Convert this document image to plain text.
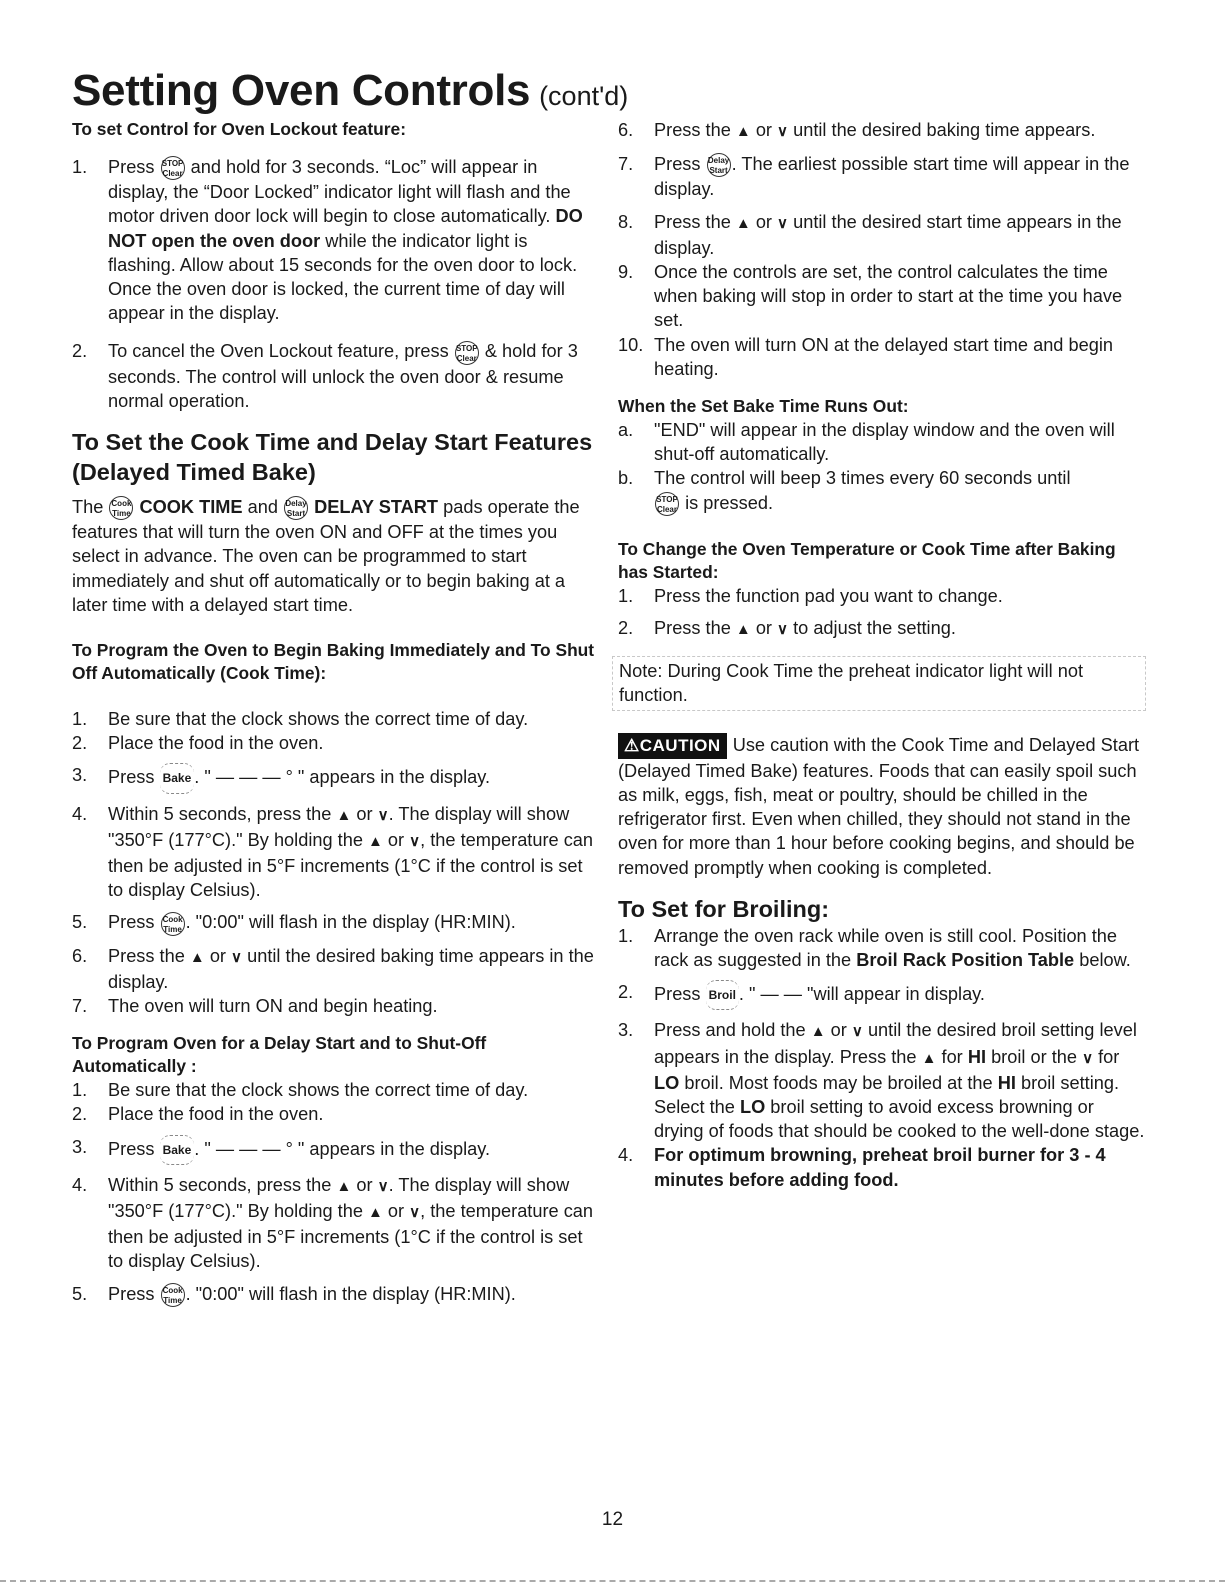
Setting Oven Controls (cont'd)

To set Control for Oven Lockout feature:

1. Press STOP
Clear and hold for 3 seconds. “Loc” will appear in display, the “Door Locked” indicator light will flash and the motor driven door lock will begin to close automatically. DO NOT open the oven door while the indicator light is flashing. Allow about 15 seconds for the oven door to lock. Once the oven door is locked, the current time of day will appear in the display.
2. To cancel the Oven Lockout feature, press STOP
Clear & hold for 3 seconds. The control will unlock the oven door & resume normal operation.

To Set the Cook Time and Delay Start Features (Delayed Timed Bake)

The Cook
Time COOK TIME and Delay
Start DELAY START pads operate the features that will turn the oven ON and OFF at the times you select in advance. The oven can be programmed to start immediately and shut off automatically or to begin baking at a later time with a delayed start time.

To Program the Oven to Begin Baking Immediately and To Shut Off Automatically (Cook Time):

1. Be sure that the clock shows the correct time of day.
2. Place the food in the oven.
3. Press Bake . " — — — ° " appears in the display.
4. Within 5 seconds, press the ▲ or ∨. The display will show "350°F (177°C)." By holding the ▲ or ∨, the temperature can then be adjusted in 5°F increments (1°C if the control is set to display Celsius).
5. Press Cook
Time . "0:00" will flash in the display (HR:MIN).
6. Press the ▲ or ∨ until the desired baking time appears in the display.
7. The oven will turn ON and begin heating.

To Program Oven for a Delay Start and to Shut-Off Automatically :

1. Be sure that the clock shows the correct time of day.
2. Place the food in the oven.
3. Press Bake . " — — — ° " appears in the display.
4. Within 5 seconds, press the ▲ or ∨. The display will show "350°F (177°C)." By holding the ▲ or ∨, the temperature can then be adjusted in 5°F increments (1°C if the control is set to display Celsius).
5. Press Cook
Time . "0:00" will flash in the display (HR:MIN).
6. Press the ▲ or ∨ until the desired baking time appears.
7. Press Delay
Start . The earliest possible start time will appear in the display.
8. Press the ▲ or ∨ until the desired start time appears in the display.
9. Once the controls are set, the control calculates the time when baking will stop in order to start at the time you have set.
10. The oven will turn ON at the delayed start time and begin heating.

When the Set Bake Time Runs Out:

a. "END" will appear in the display window and the oven will shut-off automatically.
b. The control will beep 3 times every 60 seconds until
STOP
Clear is pressed.

To Change the Oven Temperature or Cook Time after Baking has Started:

1. Press the function pad you want to change.
2. Press the ▲ or ∨ to adjust the setting.

Note: During Cook Time the preheat indicator light will not function.

⚠CAUTION Use caution with the Cook Time and Delayed Start (Delayed Timed Bake) features. Foods that can easily spoil such as milk, eggs, fish, meat or poultry, should be chilled in the refrigerator first. Even when chilled, they should not stand in the oven for more than 1 hour before cooking begins, and should be removed promptly when cooking is completed.

To Set for Broiling:

1. Arrange the oven rack while oven is still cool. Position the rack as suggested in the Broil Rack Position Table below.
2. Press Broil . " — — "will appear in display.
3. Press and hold the ▲ or ∨ until the desired broil setting level appears in the display. Press the ▲ for HI broil or the ∨ for LO broil. Most foods may be broiled at the HI broil setting. Select the LO broil setting to avoid excess browning or drying of foods that should be cooked to the well-done stage.
4. For optimum browning, preheat broil burner for 3 - 4 minutes before adding food.
12
